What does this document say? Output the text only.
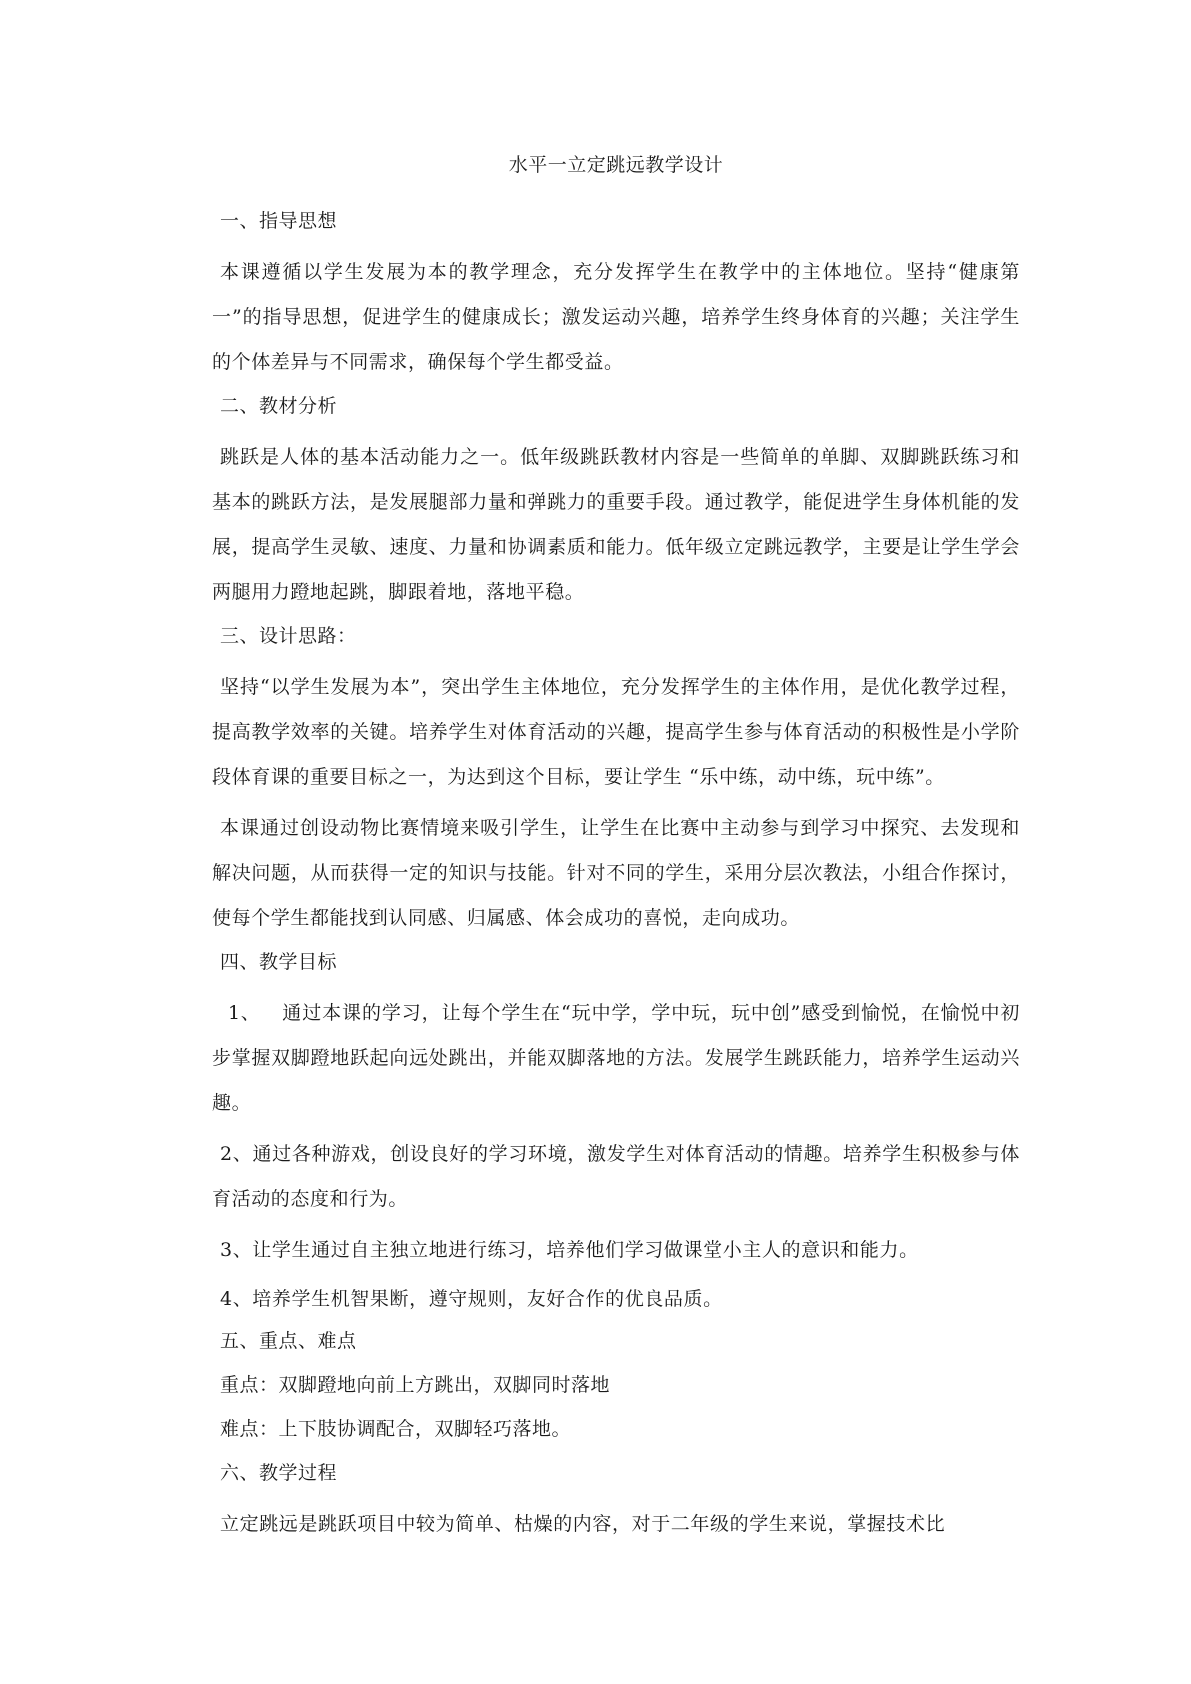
水平一立定跳远教学设计
一、指导思想

本课遵循以学生发展为本的教学理念，充分发挥学生在教学中的主体地位。坚持“健康第一”的指导思想，促进学生的健康成长；激发运动兴趣，培养学生终身体育的兴趣；关注学生的个体差异与不同需求，确保每个学生都受益。

二、教材分析

跳跃是人体的基本活动能力之一。低年级跳跃教材内容是一些简单的单脚、双脚跳跃练习和基本的跳跃方法，是发展腿部力量和弹跳力的重要手段。通过教学，能促进学生身体机能的发展，提高学生灵敏、速度、力量和协调素质和能力。低年级立定跳远教学，主要是让学生学会两腿用力蹬地起跳，脚跟着地，落地平稳。

三、设计思路：

坚持“以学生发展为本”，突出学生主体地位，充分发挥学生的主体作用，是优化教学过程，提高教学效率的关键。培养学生对体育活动的兴趣，提高学生参与体育活动的积极性是小学阶段体育课的重要目标之一，为达到这个目标，要让学生 “乐中练，动中练，玩中练”。

本课通过创设动物比赛情境来吸引学生，让学生在比赛中主动参与到学习中探究、去发现和解决问题，从而获得一定的知识与技能。针对不同的学生，采用分层次教法，小组合作探讨，使每个学生都能找到认同感、归属感、体会成功的喜悦，走向成功。

四、教学目标

1、 通过本课的学习，让每个学生在“玩中学，学中玩，玩中创”感受到愉悦，在愉悦中初步掌握双脚蹬地跃起向远处跳出，并能双脚落地的方法。发展学生跳跃能力，培养学生运动兴趣。

2、通过各种游戏，创设良好的学习环境，激发学生对体育活动的情趣。培养学生积极参与体育活动的态度和行为。

3、让学生通过自主独立地进行练习，培养他们学习做课堂小主人的意识和能力。

4、培养学生机智果断，遵守规则，友好合作的优良品质。

五、重点、难点
重点：双脚蹬地向前上方跳出，双脚同时落地
难点：上下肢协调配合，双脚轻巧落地。
六、教学过程

立定跳远是跳跃项目中较为简单、枯燥的内容，对于二年级的学生来说，掌握技术比
